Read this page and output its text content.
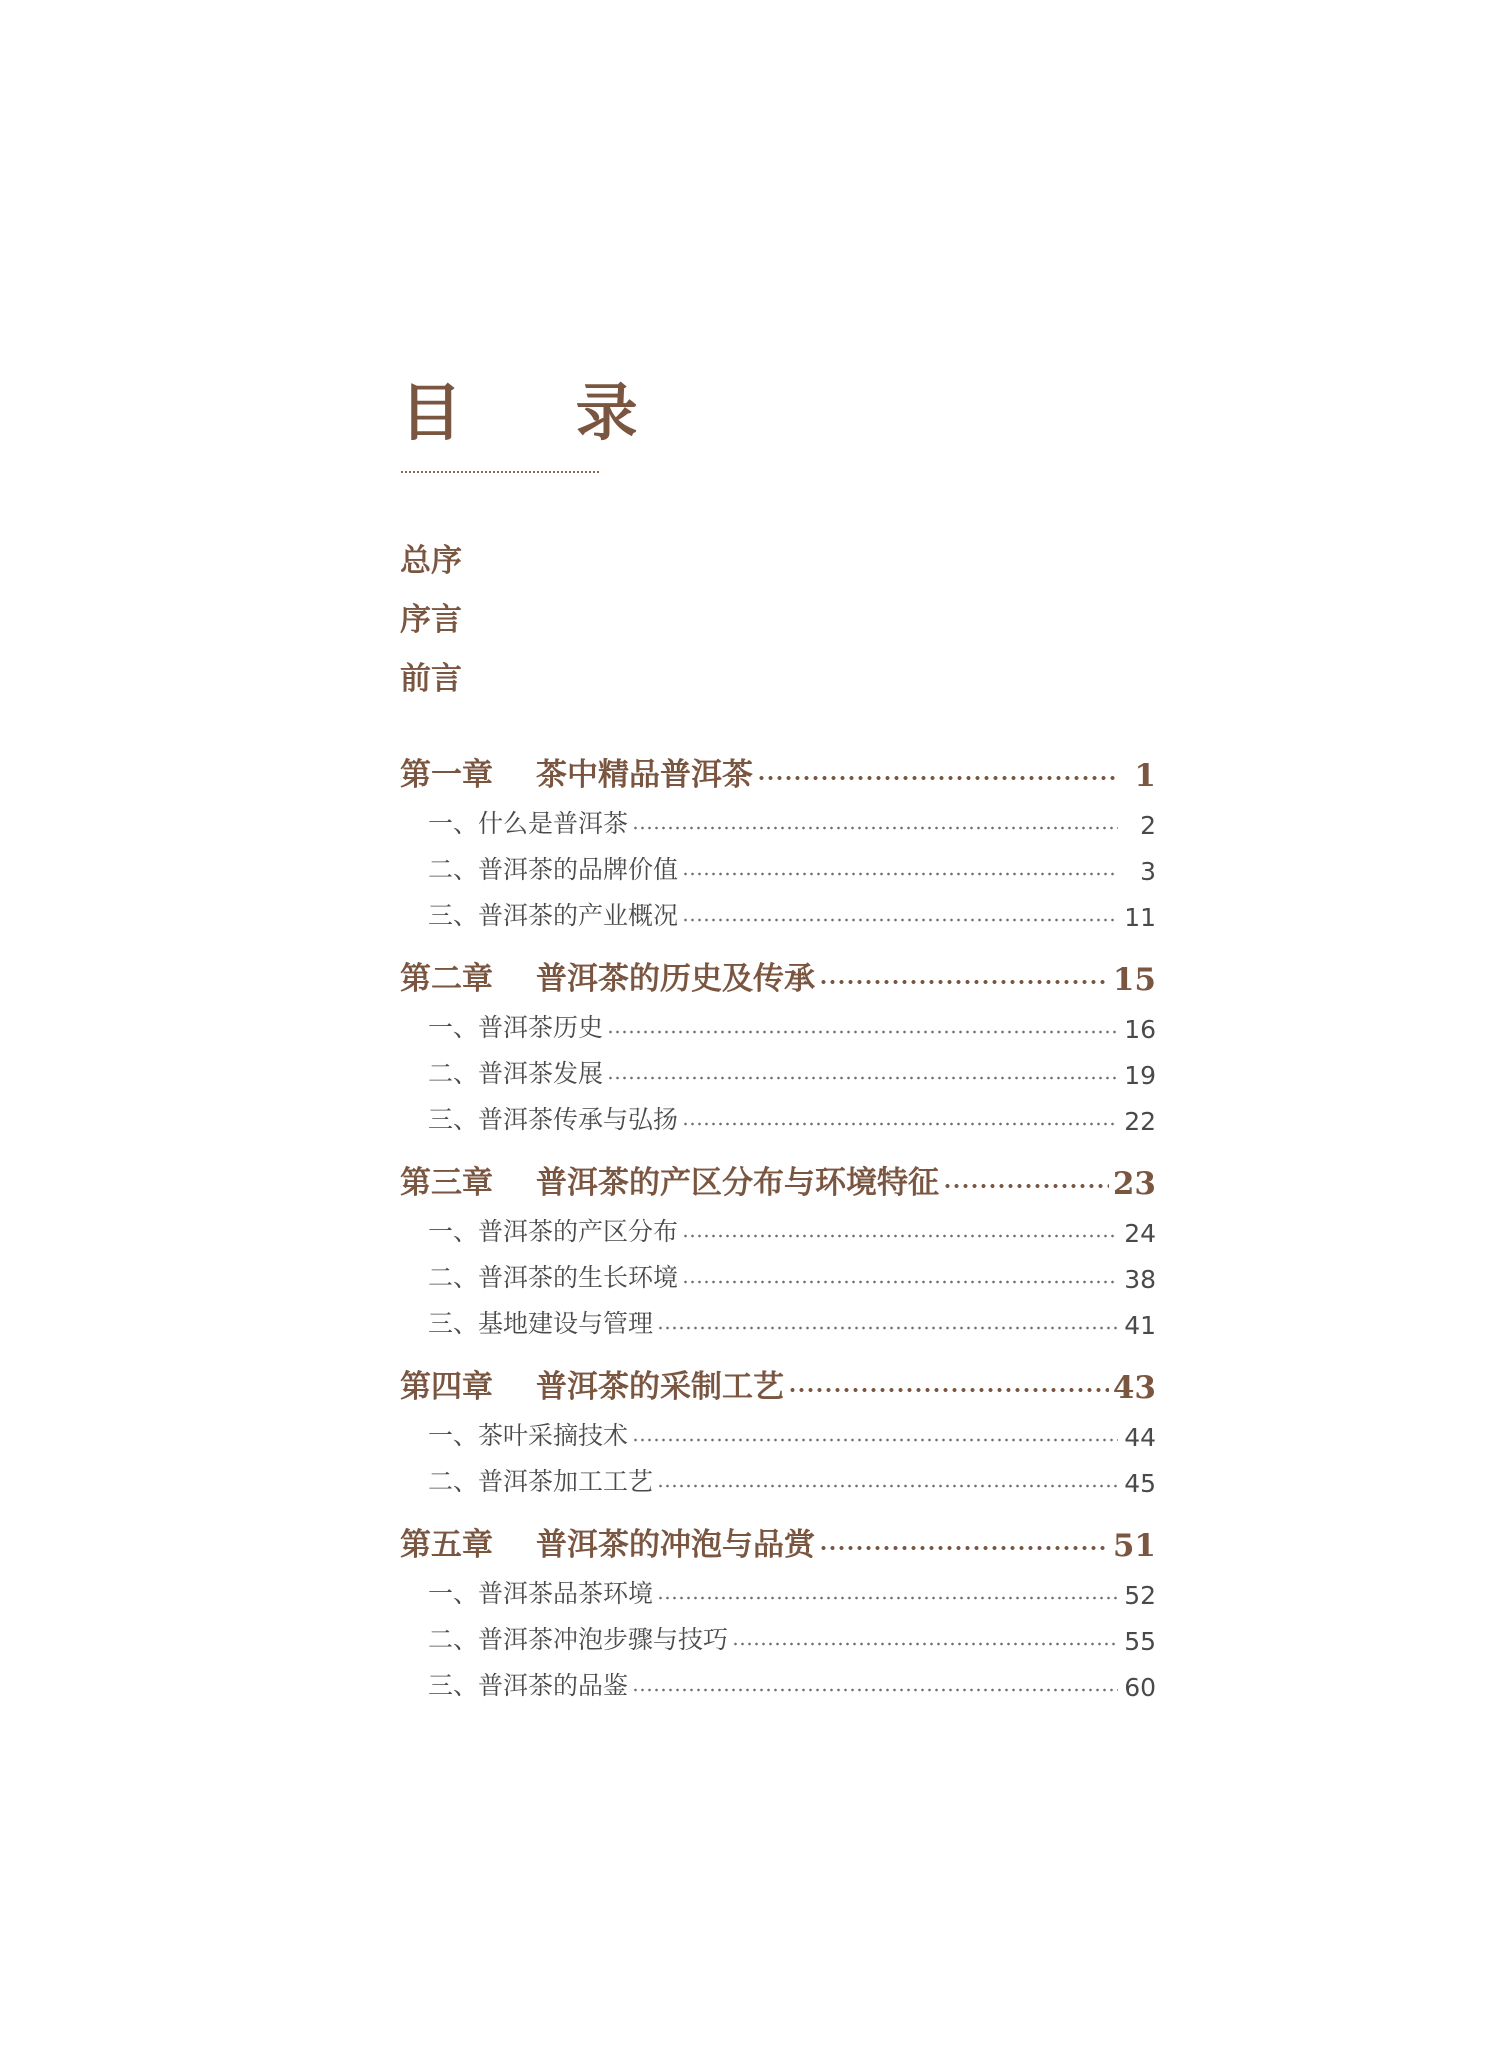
目 录
总序
序言
前言
第一章	茶中精品普洱茶	1
一、什么是普洱茶	2
二、普洱茶的品牌价值	3
三、普洱茶的产业概况	11
第二章	普洱茶的历史及传承	15
一、普洱茶历史	16
二、普洱茶发展	19
三、普洱茶传承与弘扬	22
第三章	普洱茶的产区分布与环境特征	23
一、普洱茶的产区分布	24
二、普洱茶的生长环境	38
三、基地建设与管理	41
第四章	普洱茶的采制工艺	43
一、茶叶采摘技术	44
二、普洱茶加工工艺	45
第五章	普洱茶的冲泡与品赏	51
一、普洱茶品茶环境	52
二、普洱茶冲泡步骤与技巧	55
三、普洱茶的品鉴	60
